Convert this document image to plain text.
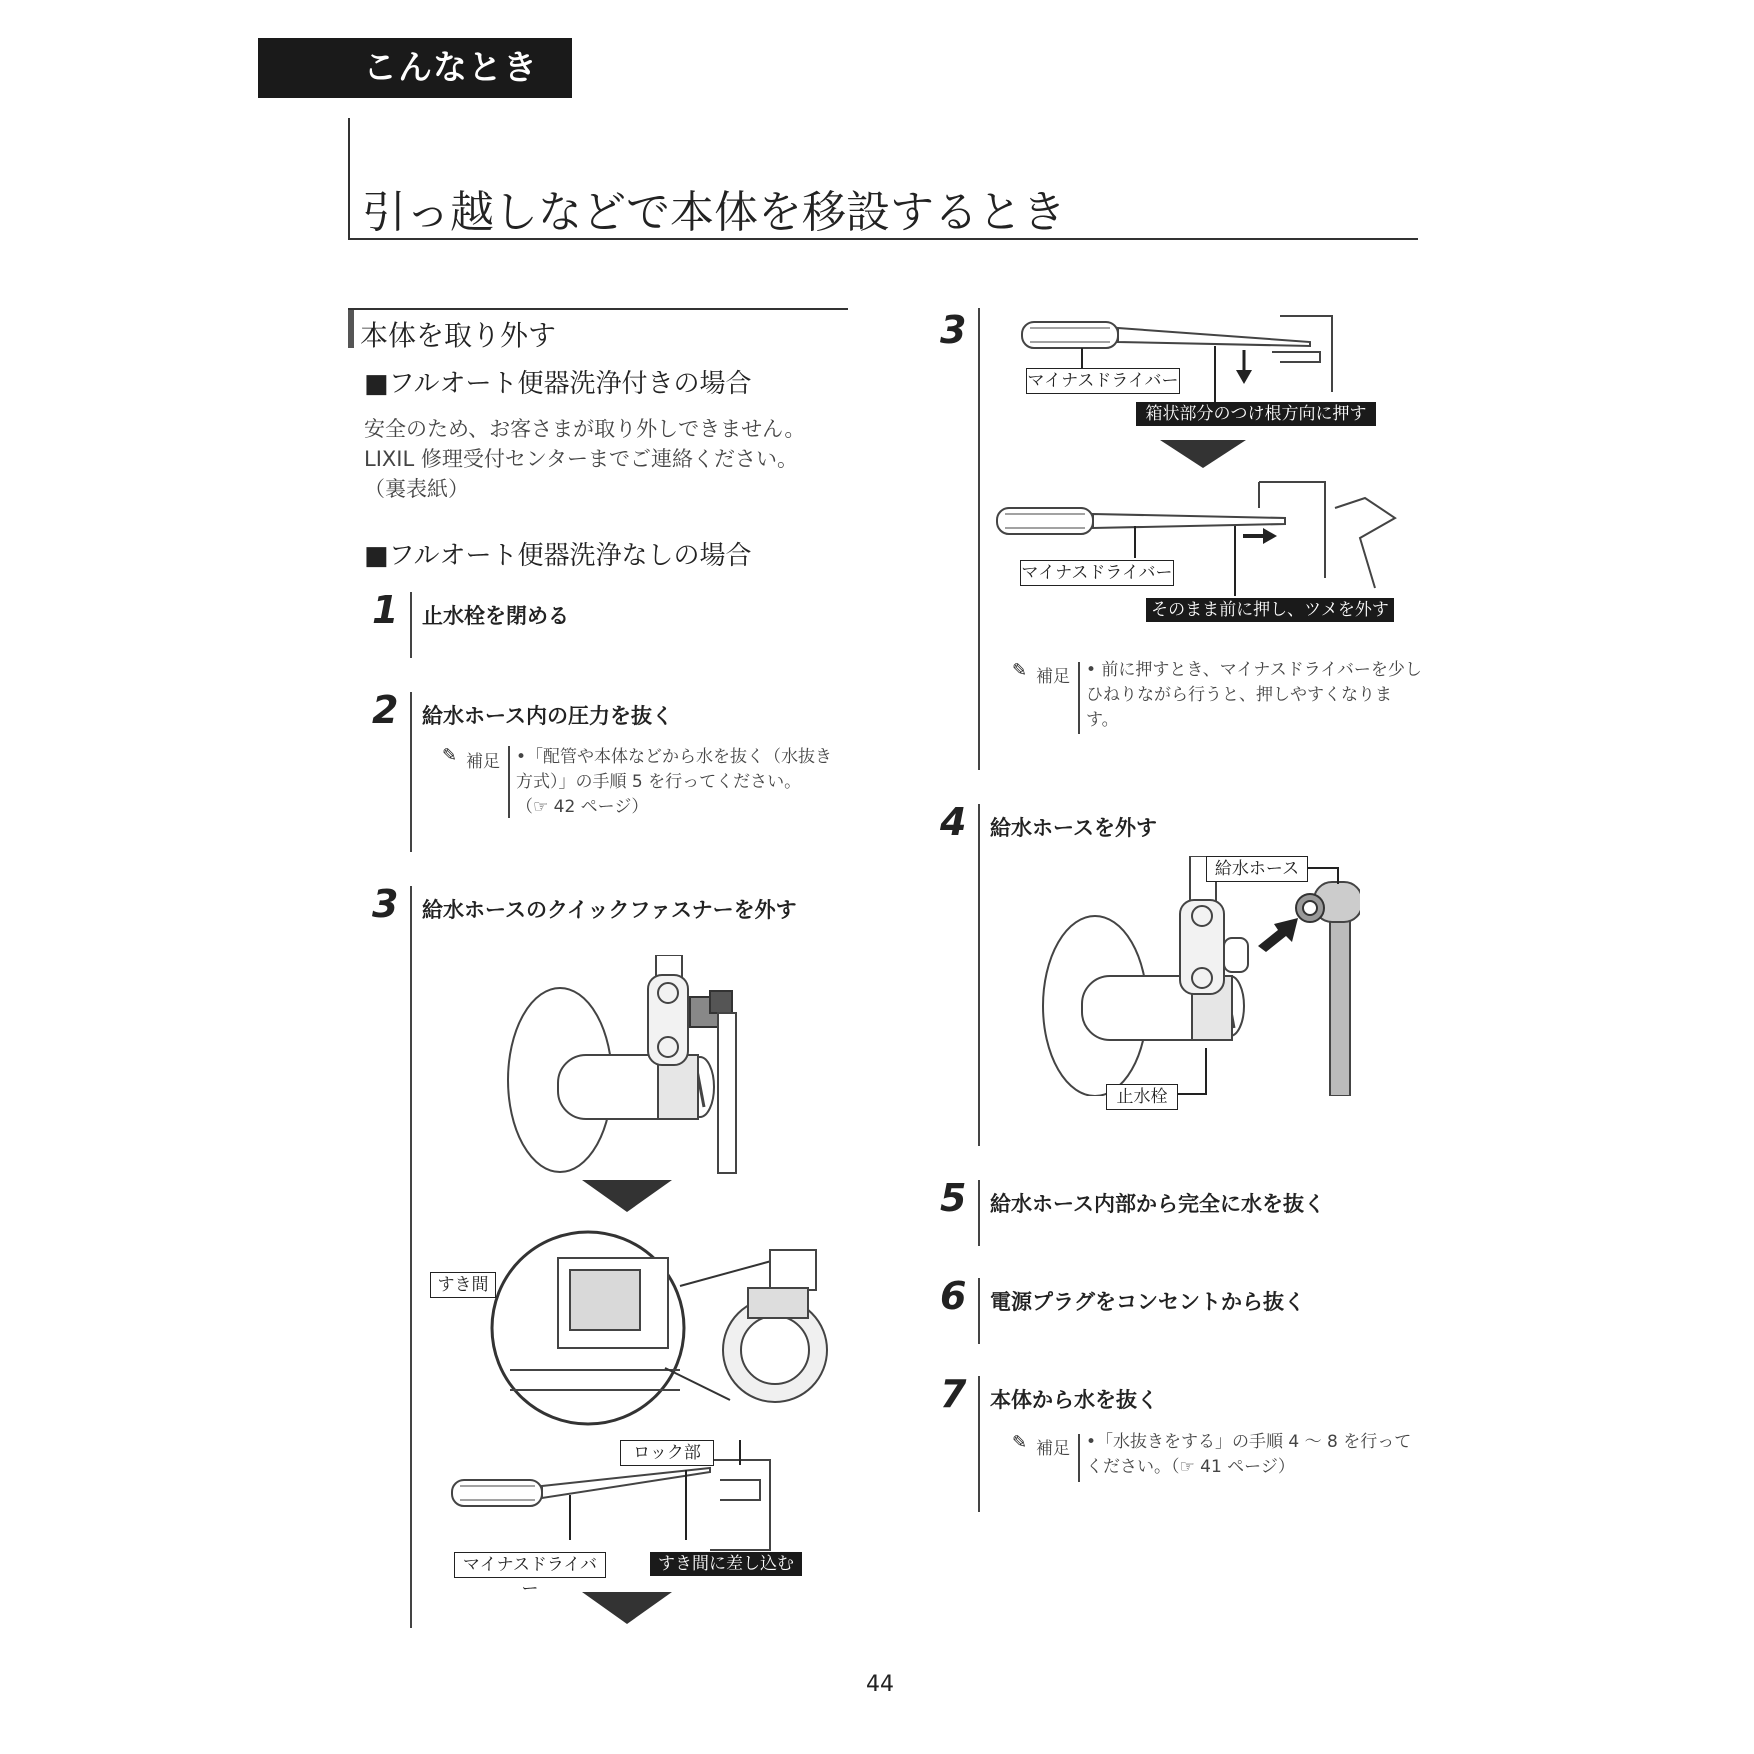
こんなときは
引っ越しなどで本体を移設するとき
本体を取り外す
■フルオート便器洗浄付きの場合
安全のため、お客さまが取り外しできません。
LIXIL 修理受付センターまでご連絡ください。
（裏表紙）
■フルオート便器洗浄なしの場合
1 止水栓を閉める
2 給水ホース内の圧力を抜く
✎ 補足 •「配管や本体などから水を抜く（水抜き
方式）」の手順 5 を行ってください。
（☞ 42 ページ）
3 給水ホースのクイックファスナーを外す
すき間
ロック部
マイナスドライバー
すき間に差し込む
3
マイナスドライバー
箱状部分のつけ根方向に押す
マイナスドライバー
そのまま前に押し、ツメを外す
✎ 補足 • 前に押すとき、マイナスドライバーを少し
ひねりながら行うと、押しやすくなりま
す。
4 給水ホースを外す
給水ホース
止水栓
5 給水ホース内部から完全に水を抜く
6 電源プラグをコンセントから抜く
7 本体から水を抜く
✎ 補足 •「水抜きをする」の手順 4 〜 8 を行って
ください。（☞ 41 ページ）
44
